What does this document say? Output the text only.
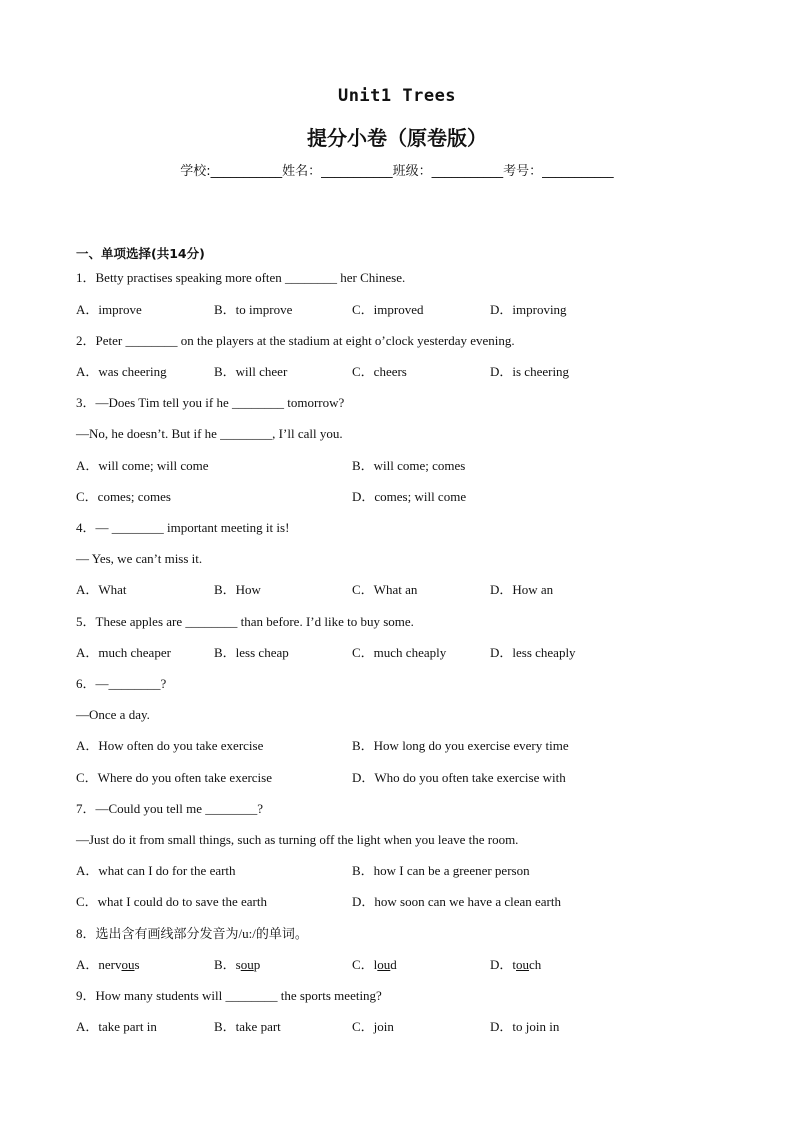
Unit1 Trees
提分小卷（原卷版）
学校:___________姓名：___________班级：___________考号：___________
一、单项选择(共14分)
1．Betty practises speaking more often ________ her Chinese.
A．improve	B．to improve	C．improved	D．improving
2．Peter ________ on the players at the stadium at eight o’clock yesterday evening.
A．was cheering	B．will cheer	C．cheers	D．is cheering
3．—Does Tim tell you if he ________ tomorrow?
—No, he doesn’t. But if he ________, I’ll call you.
A．will come; will come	B．will come; comes
C．comes; comes	D．comes; will come
4．— ________ important meeting it is!
— Yes, we can’t miss it.
A．What	B．How	C．What an	D．How an
5．These apples are ________ than before. I’d like to buy some.
A．much cheaper	B．less cheap	C．much cheaply	D．less cheaply
6．—________?
—Once a day.
A．How often do you take exercise	B．How long do you exercise every time
C．Where do you often take exercise	D．Who do you often take exercise with
7．—Could you tell me ________?
—Just do it from small things, such as turning off the light when you leave the room.
A．what can I do for the earth	B．how I can be a greener person
C．what I could do to save the earth	D．how soon can we have a clean earth
8．选出含有画线部分发音为/u:/的单词。
A．nervous	B．soup	C．loud	D．touch
9．How many students will ________ the sports meeting?
A．take part in	B．take part	C．join	D．to join in
